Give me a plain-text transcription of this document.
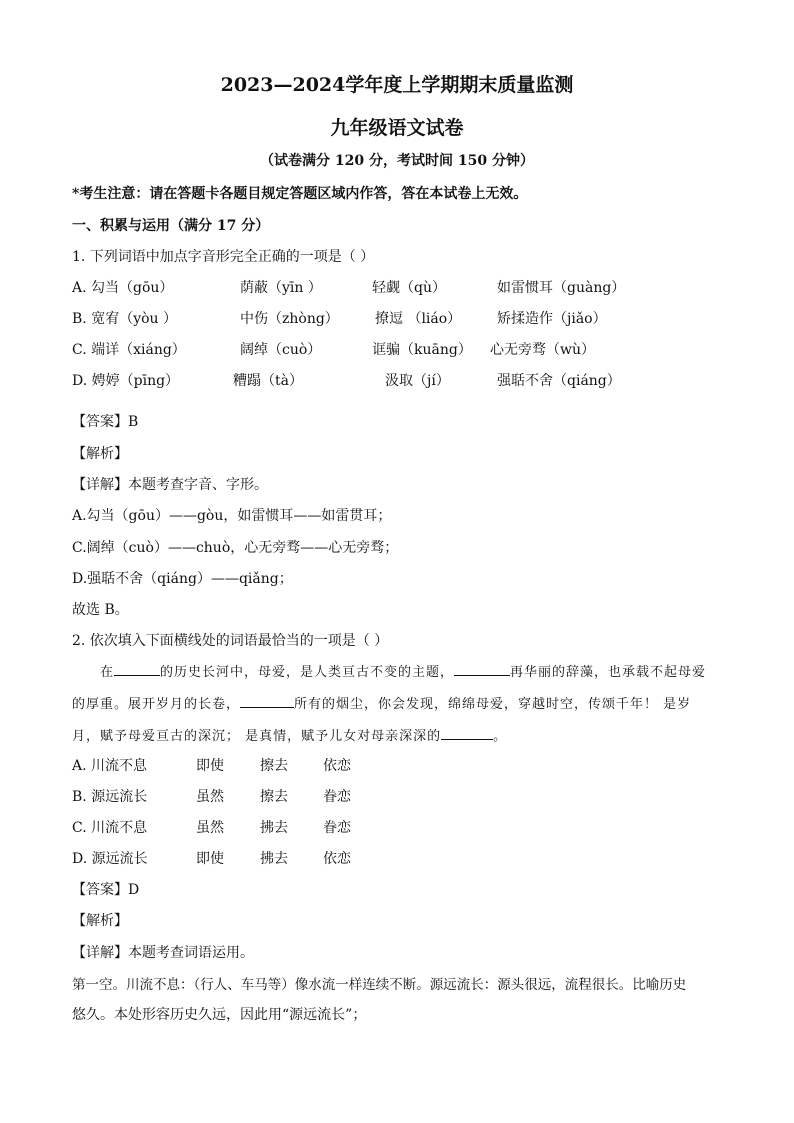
2023—2024学年度上学期期末质量监测
九年级语文试卷
（试卷满分 120 分，考试时间 150 分钟）
*考生注意：请在答题卡各题目规定答题区域内作答，答在本试卷上无效。
一、积累与运用（满分 17 分）
1. 下列词语中加点字音形完全正确的一项是（ ）
A. 勾当（gōu）	荫蔽（yīn ）	轻觑（qù）	如雷惯耳（guàng）
B. 宽宥（yòu ）	中伤（zhòng）	撩逗 （liáo）	矫揉造作（jiǎo）
C. 端详（xiáng）	阔绰（cuò）	诓骗（kuāng） 心无旁骛（wù）
D. 娉婷（pīng）	糟蹋（tà）	汲取（jí）	强聒不舍（qiáng）
【答案】B
【解析】
【详解】本题考查字音、字形。
A.勾当（gōu）——gòu，如雷惯耳——如雷贯耳；
C.阔绰（cuò）——chuò，心无旁骛——心无旁骛；
D.强聒不舍（qiáng）——qiǎng；
故选 B。
2. 依次填入下面横线处的词语最恰当的一项是（ ）
在	的历史长河中，母爱，是人类亘古不变的主题，	再华丽的辞藻，也承载不起母爱
的厚重。展开岁月的长卷，	所有的烟尘，你会发现，绵绵母爱，穿越时空，传颂千年！ 是岁
月，赋予母爱亘古的深沉； 是真情，赋予儿女对母亲深深的	。
A. 川流不息	即使	擦去	依恋
B. 源远流长	虽然	擦去	眷恋
C. 川流不息	虽然	拂去	眷恋
D. 源远流长	即使	拂去	依恋
【答案】D
【解析】
【详解】本题考查词语运用。
第一空。川流不息：（行人、车马等）像水流一样连续不断。源远流长：源头很远，流程很长。比喻历史
悠久。本处形容历史久远，因此用“源远流长”；
